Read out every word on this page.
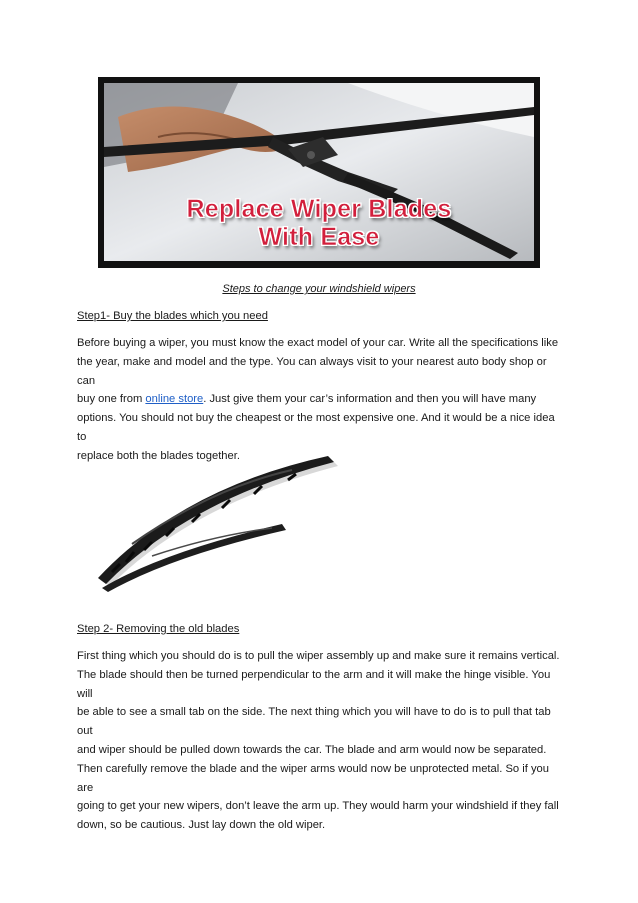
Replace Wiper Blades
With Ease
Steps to change your windshield wipers
Step1- Buy the blades which you need

Before buying a wiper, you must know the exact model of your car. Write all the specifications like
the year, make and model and the type. You can always visit to your nearest auto body shop or can
buy one from online store. Just give them your car’s information and then you will have many
options. You should not buy the cheapest or the most expensive one. And it would be a nice idea to
replace both the blades together.

Step 2- Removing the old blades

First thing which you should do is to pull the wiper assembly up and make sure it remains vertical.
The blade should then be turned perpendicular to the arm and it will make the hinge visible. You will
be able to see a small tab on the side. The next thing which you will have to do is to pull that tab out
and wiper should be pulled down towards the car. The blade and arm would now be separated.
Then carefully remove the blade and the wiper arms would now be unprotected metal. So if you are
going to get your new wipers, don’t leave the arm up. They would harm your windshield if they fall
down, so be cautious. Just lay down the old wiper.
